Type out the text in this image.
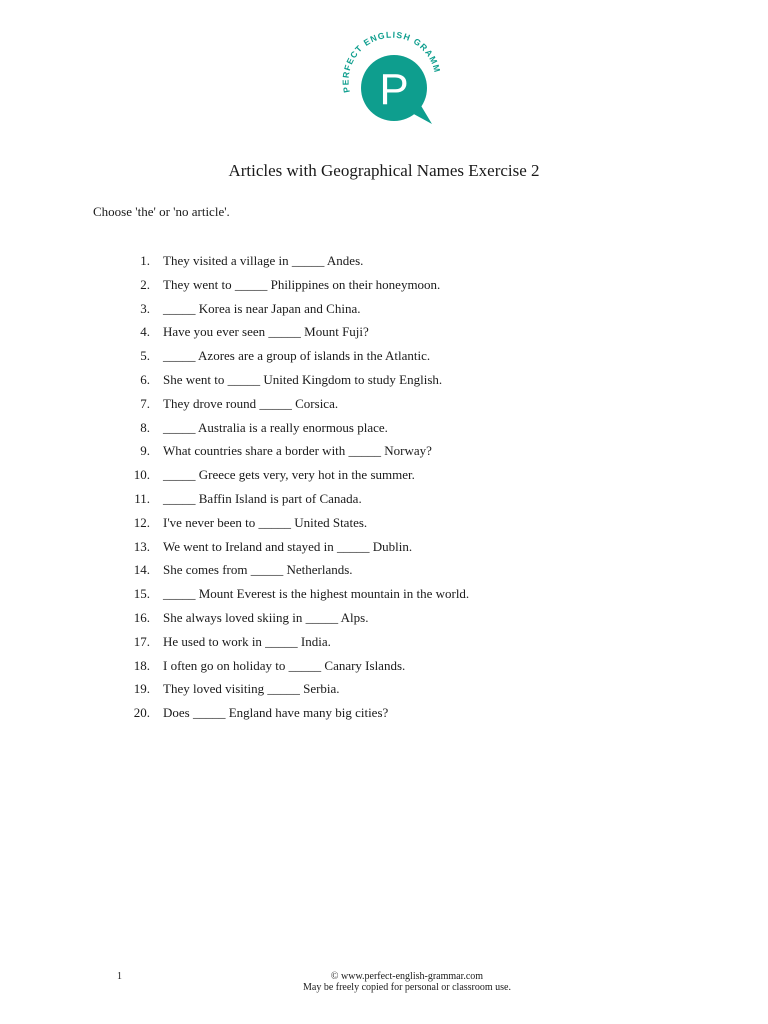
PERFECT ENGLISH GRAM
P
Articles with Geographical Names Exercise 2
Choose 'the' or 'no article'.
1. They visited a village in _____ Andes.
2. They went to _____ Philippines on their honeymoon.
3. _____ Korea is near Japan and China.
4. Have you ever seen _____ Mount Fuji?
5. _____ Azores are a group of islands in the Atlantic.
6. She went to _____ United Kingdom to study English.
7. They drove round _____ Corsica.
8. _____ Australia is a really enormous place.
9. What countries share a border with _____ Norway?
10. _____ Greece gets very, very hot in the summer.
11. _____ Baffin Island is part of Canada.
12. I've never been to _____ United States.
13. We went to Ireland and stayed in _____ Dublin.
14. She comes from _____ Netherlands.
15. _____ Mount Everest is the highest mountain in the world.
16. She always loved skiing in _____ Alps.
17. He used to work in _____ India.
18. I often go on holiday to _____ Canary Islands.
19. They loved visiting _____ Serbia.
20. Does _____ England have many big cities?
1	© www.perfect-english-grammar.com
May be freely copied for personal or classroom use.
